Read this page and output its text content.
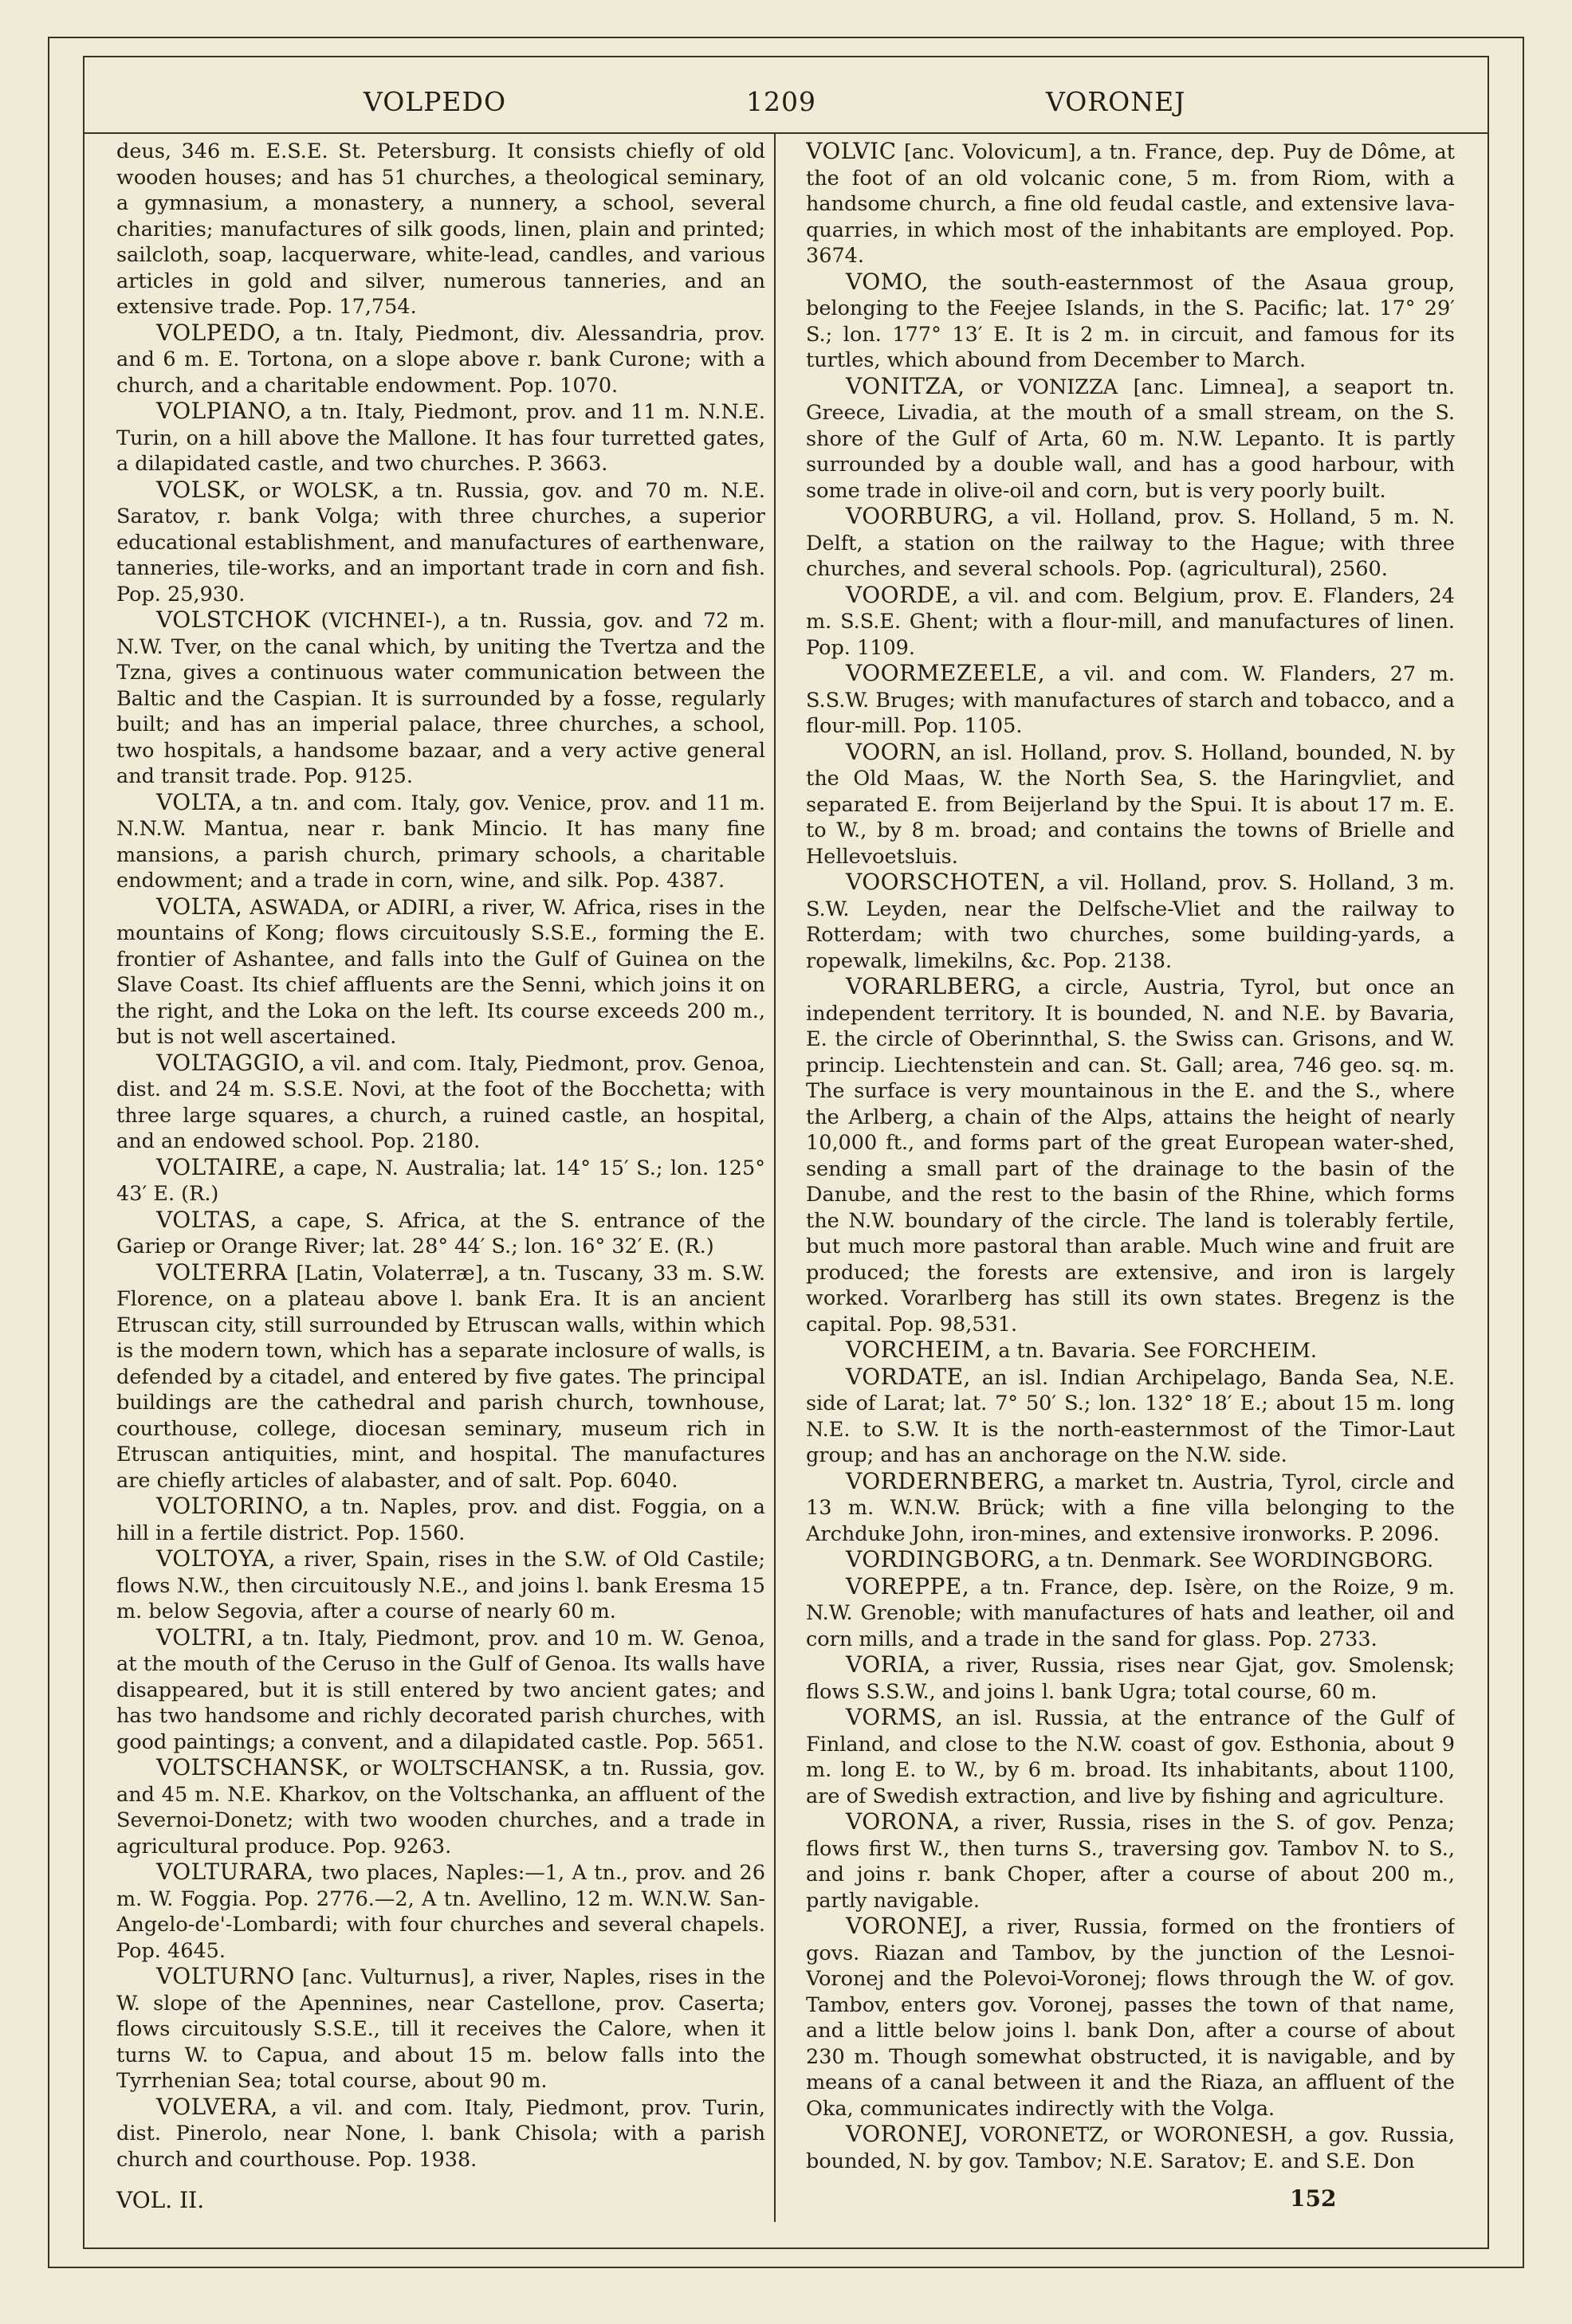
VOLPEDO	1209	VORONEJ

deus, 346 m. E.S.E. St. Petersburg. It consists chiefly of old wooden houses; and has 51 churches, a theological seminary, a gymnasium, a monastery, a nunnery, a school, several charities; manufactures of silk goods, linen, plain and printed; sailcloth, soap, lacquerware, white-lead, candles, and various articles in gold and silver, numerous tanneries, and an extensive trade. Pop. 17,754.

VOLPEDO, a tn. Italy, Piedmont, div. Alessandria, prov. and 6 m. E. Tortona, on a slope above r. bank Curone; with a church, and a charitable endowment. Pop. 1070.

VOLPIANO, a tn. Italy, Piedmont, prov. and 11 m. N.N.E. Turin, on a hill above the Mallone. It has four turretted gates, a dilapidated castle, and two churches. P. 3663.

VOLSK, or WOLSK, a tn. Russia, gov. and 70 m. N.E. Saratov, r. bank Volga; with three churches, a superior educational establishment, and manufactures of earthenware, tanneries, tile-works, and an important trade in corn and fish. Pop. 25,930.

VOLSTCHOK (VICHNEI-), a tn. Russia, gov. and 72 m. N.W. Tver, on the canal which, by uniting the Tvertza and the Tzna, gives a continuous water communication between the Baltic and the Caspian. It is surrounded by a fosse, regularly built; and has an imperial palace, three churches, a school, two hospitals, a handsome bazaar, and a very active general and transit trade. Pop. 9125.

VOLTA, a tn. and com. Italy, gov. Venice, prov. and 11 m. N.N.W. Mantua, near r. bank Mincio. It has many fine mansions, a parish church, primary schools, a charitable endowment; and a trade in corn, wine, and silk. Pop. 4387.

VOLTA, ASWADA, or ADIRI, a river, W. Africa, rises in the mountains of Kong; flows circuitously S.S.E., forming the E. frontier of Ashantee, and falls into the Gulf of Guinea on the Slave Coast. Its chief affluents are the Senni, which joins it on the right, and the Loka on the left. Its course exceeds 200 m., but is not well ascertained.

VOLTAGGIO, a vil. and com. Italy, Piedmont, prov. Genoa, dist. and 24 m. S.S.E. Novi, at the foot of the Bocchetta; with three large squares, a church, a ruined castle, an hospital, and an endowed school. Pop. 2180.

VOLTAIRE, a cape, N. Australia; lat. 14° 15′ S.; lon. 125° 43′ E. (R.)

VOLTAS, a cape, S. Africa, at the S. entrance of the Gariep or Orange River; lat. 28° 44′ S.; lon. 16° 32′ E. (R.)

VOLTERRA [Latin, Volaterræ], a tn. Tuscany, 33 m. S.W. Florence, on a plateau above l. bank Era. It is an ancient Etruscan city, still surrounded by Etruscan walls, within which is the modern town, which has a separate inclosure of walls, is defended by a citadel, and entered by five gates. The principal buildings are the cathedral and parish church, townhouse, courthouse, college, diocesan seminary, museum rich in Etruscan antiquities, mint, and hospital. The manufactures are chiefly articles of alabaster, and of salt. Pop. 6040.

VOLTORINO, a tn. Naples, prov. and dist. Foggia, on a hill in a fertile district. Pop. 1560.

VOLTOYA, a river, Spain, rises in the S.W. of Old Castile; flows N.W., then circuitously N.E., and joins l. bank Eresma 15 m. below Segovia, after a course of nearly 60 m.

VOLTRI, a tn. Italy, Piedmont, prov. and 10 m. W. Genoa, at the mouth of the Ceruso in the Gulf of Genoa. Its walls have disappeared, but it is still entered by two ancient gates; and has two handsome and richly decorated parish churches, with good paintings; a convent, and a dilapidated castle. Pop. 5651.

VOLTSCHANSK, or WOLTSCHANSK, a tn. Russia, gov. and 45 m. N.E. Kharkov, on the Voltschanka, an affluent of the Severnoi-Donetz; with two wooden churches, and a trade in agricultural produce. Pop. 9263.

VOLTURARA, two places, Naples:—1, A tn., prov. and 26 m. W. Foggia. Pop. 2776.—2, A tn. Avellino, 12 m. W.N.W. San-Angelo-de'-Lombardi; with four churches and several chapels. Pop. 4645.

VOLTURNO [anc. Vulturnus], a river, Naples, rises in the W. slope of the Apennines, near Castellone, prov. Caserta; flows circuitously S.S.E., till it receives the Calore, when it turns W. to Capua, and about 15 m. below falls into the Tyrrhenian Sea; total course, about 90 m.

VOLVERA, a vil. and com. Italy, Piedmont, prov. Turin, dist. Pinerolo, near None, l. bank Chisola; with a parish church and courthouse. Pop. 1938.

VOLVIC [anc. Volovicum], a tn. France, dep. Puy de Dôme, at the foot of an old volcanic cone, 5 m. from Riom, with a handsome church, a fine old feudal castle, and extensive lava-quarries, in which most of the inhabitants are employed. Pop. 3674.

VOMO, the south-easternmost of the Asaua group, belonging to the Feejee Islands, in the S. Pacific; lat. 17° 29′ S.; lon. 177° 13′ E. It is 2 m. in circuit, and famous for its turtles, which abound from December to March.

VONITZA, or VONIZZA [anc. Limnea], a seaport tn. Greece, Livadia, at the mouth of a small stream, on the S. shore of the Gulf of Arta, 60 m. N.W. Lepanto. It is partly surrounded by a double wall, and has a good harbour, with some trade in olive-oil and corn, but is very poorly built.

VOORBURG, a vil. Holland, prov. S. Holland, 5 m. N. Delft, a station on the railway to the Hague; with three churches, and several schools. Pop. (agricultural), 2560.

VOORDE, a vil. and com. Belgium, prov. E. Flanders, 24 m. S.S.E. Ghent; with a flour-mill, and manufactures of linen. Pop. 1109.

VOORMEZEELE, a vil. and com. W. Flanders, 27 m. S.S.W. Bruges; with manufactures of starch and tobacco, and a flour-mill. Pop. 1105.

VOORN, an isl. Holland, prov. S. Holland, bounded, N. by the Old Maas, W. the North Sea, S. the Haringvliet, and separated E. from Beijerland by the Spui. It is about 17 m. E. to W., by 8 m. broad; and contains the towns of Brielle and Hellevoetsluis.

VOORSCHOTEN, a vil. Holland, prov. S. Holland, 3 m. S.W. Leyden, near the Delfsche-Vliet and the railway to Rotterdam; with two churches, some building-yards, a ropewalk, limekilns, &c. Pop. 2138.

VORARLBERG, a circle, Austria, Tyrol, but once an independent territory. It is bounded, N. and N.E. by Bavaria, E. the circle of Oberinnthal, S. the Swiss can. Grisons, and W. princip. Liechtenstein and can. St. Gall; area, 746 geo. sq. m. The surface is very mountainous in the E. and the S., where the Arlberg, a chain of the Alps, attains the height of nearly 10,000 ft., and forms part of the great European water-shed, sending a small part of the drainage to the basin of the Danube, and the rest to the basin of the Rhine, which forms the N.W. boundary of the circle. The land is tolerably fertile, but much more pastoral than arable. Much wine and fruit are produced; the forests are extensive, and iron is largely worked. Vorarlberg has still its own states. Bregenz is the capital. Pop. 98,531.

VORCHEIM, a tn. Bavaria. See FORCHEIM.

VORDATE, an isl. Indian Archipelago, Banda Sea, N.E. side of Larat; lat. 7° 50′ S.; lon. 132° 18′ E.; about 15 m. long N.E. to S.W. It is the north-easternmost of the Timor-Laut group; and has an anchorage on the N.W. side.

VORDERNBERG, a market tn. Austria, Tyrol, circle and 13 m. W.N.W. Brück; with a fine villa belonging to the Archduke John, iron-mines, and extensive ironworks. P. 2096.

VORDINGBORG, a tn. Denmark. See WORDINGBORG.

VOREPPE, a tn. France, dep. Isère, on the Roize, 9 m. N.W. Grenoble; with manufactures of hats and leather, oil and corn mills, and a trade in the sand for glass. Pop. 2733.

VORIA, a river, Russia, rises near Gjat, gov. Smolensk; flows S.S.W., and joins l. bank Ugra; total course, 60 m.

VORMS, an isl. Russia, at the entrance of the Gulf of Finland, and close to the N.W. coast of gov. Esthonia, about 9 m. long E. to W., by 6 m. broad. Its inhabitants, about 1100, are of Swedish extraction, and live by fishing and agriculture.

VORONA, a river, Russia, rises in the S. of gov. Penza; flows first W., then turns S., traversing gov. Tambov N. to S., and joins r. bank Choper, after a course of about 200 m., partly navigable.

VORONEJ, a river, Russia, formed on the frontiers of govs. Riazan and Tambov, by the junction of the Lesnoi-Voronej and the Polevoi-Voronej; flows through the W. of gov. Tambov, enters gov. Voronej, passes the town of that name, and a little below joins l. bank Don, after a course of about 230 m. Though somewhat obstructed, it is navigable, and by means of a canal between it and the Riaza, an affluent of the Oka, communicates indirectly with the Volga.

VORONEJ, VORONETZ, or WORONESH, a gov. Russia, bounded, N. by gov. Tambov; N.E. Saratov; E. and S.E. Don

VOL. II.	152
